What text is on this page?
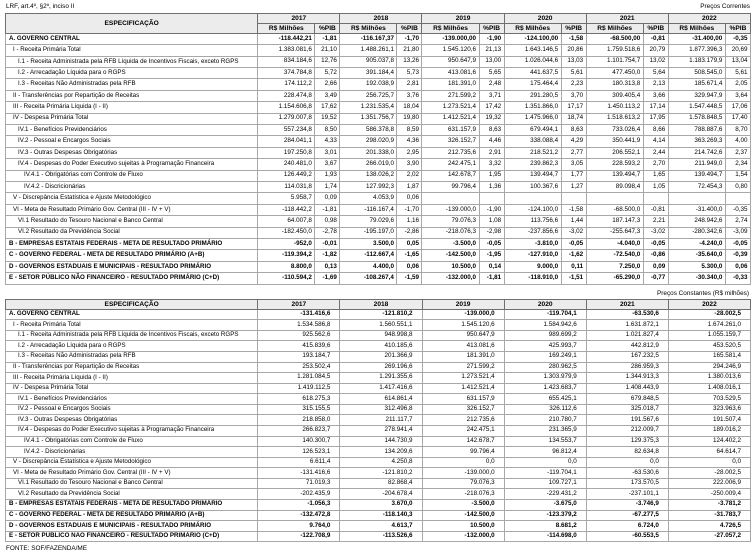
LRF, art.4º, §2º, inciso II	Preços Correntes
ESPECIFICAÇÃO	2017		2018		2019		2020		2021		2022	
	R$ Milhões	%PIB	R$ Milhões	%PIB	R$ Milhões	%PIB	R$ Milhões	%PIB	R$ Milhões	%PIB	R$ Milhões	%PIB
A. GOVERNO CENTRAL	-118.442,21	-1,81	-116.167,37	-1,70	-139.000,00	-1,90	-124.100,00	-1,58	-68.500,00	-0,81	-31.400,00	-0,35
I - Receita Primária Total	1.383.081,6	21,10	1.488.261,1	21,80	1.545.120,6	21,13	1.643.146,5	20,86	1.759.518,6	20,79	1.877.396,3	20,69
I.1 - Receita Administrada pela RFB Líquida de Incentivos Fiscais, exceto RGPS	834.184,6	12,76	905.037,8	13,26	950.647,9	13,00	1.026.044,6	13,03	1.101.754,7	13,02	1.183.179,9	13,04
I.2 - Arrecadação Líquida para o RGPS	374.784,8	5,72	391.184,4	5,73	413.081,6	5,65	441.637,5	5,61	477.450,0	5,64	508.545,0	5,61
I.3 - Receitas Não Administradas pela RFB	174.112,2	2,66	192.038,9	2,81	181.391,0	2,48	175.464,4	2,23	180.313,8	2,13	185.671,4	2,05
II - Transferências por Repartição de Receitas	228.474,8	3,49	256.725,7	3,76	271.599,2	3,71	291.280,5	3,70	309.405,4	3,66	329.947,9	3,64
III - Receita Primária Líquida (I - II)	1.154.606,8	17,62	1.231.535,4	18,04	1.273.521,4	17,42	1.351.866,0	17,17	1.450.113,2	17,14	1.547.448,5	17,06
IV - Despesa Primária Total	1.279.007,8	19,52	1.351.756,7	19,80	1.412.521,4	19,32	1.475.966,0	18,74	1.518.613,2	17,95	1.578.848,5	17,40
IV.1 - Benefícios Previdenciários	557.234,8	8,50	586.378,8	8,59	631.157,9	8,63	679.494,1	8,63	733.026,4	8,66	788.887,6	8,70
IV.2 - Pessoal e Encargos Sociais	284.041,1	4,33	298.020,9	4,36	326.152,7	4,46	338.088,4	4,29	350.441,9	4,14	363.269,3	4,00
IV.3 - Outras Despesas Obrigatórias	197.250,8	3,01	201.338,0	2,95	212.735,6	2,91	218.521,2	2,77	206.552,1	2,44	214.742,6	2,37
IV.4 - Despesas do Poder Executivo sujeitas à Programação Financeira	240.481,0	3,67	266.019,0	3,90	242.475,1	3,32	239.862,3	3,05	228.593,2	2,70	211.949,0	2,34
IV.4.1 - Obrigatórias com Controle de Fluxo	126.449,2	1,93	138.026,2	2,02	142.678,7	1,95	139.494,7	1,77	139.494,7	1,65	139.494,7	1,54
IV.4.2 - Discricionárias	114.031,8	1,74	127.992,3	1,87	99.796,4	1,36	100.367,6	1,27	89.098,4	1,05	72.454,3	0,80
V - Discrepância Estatística e Ajuste Metodológico	5.958,7	0,09	4.053,9	0,06								
VI - Meta de Resultado Primário Gov. Central (III - IV + V)	-118.442,2	-1,81	-116.167,4	-1,70	-139.000,0	-1,90	-124.100,0	-1,58	-68.500,0	-0,81	-31.400,0	-0,35
VI.1 Resultado do Tesouro Nacional e Banco Central	64.007,8	0,98	79.029,6	1,16	79.076,3	1,08	113.756,6	1,44	187.147,3	2,21	248.942,6	2,74
VI.2 Resultado da Previdência Social	-182.450,0	-2,78	-195.197,0	-2,86	-218.076,3	-2,98	-237.856,6	-3,02	-255.647,3	-3,02	-280.342,6	-3,09
B - EMPRESAS ESTATAIS FEDERAIS - META DE RESULTADO PRIMÁRIO	-952,0	-0,01	3.500,0	0,05	-3.500,0	-0,05	-3.810,0	-0,05	-4.040,0	-0,05	-4.240,0	-0,05
C - GOVERNO FEDERAL - META DE RESULTADO PRIMÁRIO (A+B)	-119.394,2	-1,82	-112.667,4	-1,65	-142.500,0	-1,95	-127.910,0	-1,62	-72.540,0	-0,86	-35.640,0	-0,39
D - GOVERNOS ESTADUAIS E MUNICIPAIS - RESULTADO PRIMÁRIO	8.800,0	0,13	4.400,0	0,06	10.500,0	0,14	9.000,0	0,11	7.250,0	0,09	5.300,0	0,06
E - SETOR PÚBLICO NÃO FINANCEIRO - RESULTADO PRIMÁRIO (C+D)	-110.594,2	-1,69	-108.267,4	-1,59	-132.000,0	-1,81	-118.910,0	-1,51	-65.290,0	-0,77	-30.340,0	-0,33
Preços Constantes (R$ milhões)
ESPECIFICAÇÃO	2017	2018	2019	2020	2021	2022
A. GOVERNO CENTRAL	-131.416,6	-121.810,2	-139.000,0	-119.704,1	-63.530,6	-28.002,5
I - Receita Primária Total	1.534.586,8	1.560.551,1	1.545.120,6	1.584.942,6	1.631.872,1	1.674.261,0
I.1 - Receita Administrada pela RFB Líquida de Incentivos Fiscais, exceto RGPS	925.562,6	948.998,8	950.647,9	989.699,2	1.021.827,4	1.055.159,7
I.2 - Arrecadação Líquida para o RGPS	415.839,6	410.185,6	413.081,6	425.993,7	442.812,9	453.520,5
I.3 - Receitas Não Administradas pela RFB	193.184,7	201.366,9	181.391,0	169.249,1	167.232,5	165.581,4
II - Transferências por Repartição de Receitas	253.502,4	269.196,6	271.599,2	280.962,5	286.959,3	294.246,9
III - Receita Primária Líquida (I - II)	1.281.084,5	1.291.355,6	1.273.521,4	1.303.979,9	1.344.913,3	1.380.013,6
IV - Despesa Primária Total	1.419.112,5	1.417.416,6	1.412.521,4	1.423.683,7	1.408.443,9	1.408.016,1
IV.1 - Benefícios Previdenciários	618.275,3	614.861,4	631.157,9	655.425,1	679.848,5	703.529,5
IV.2 - Pessoal e Encargos Sociais	315.155,5	312.496,8	326.152,7	326.112,6	325.018,7	323.963,6
IV.3 - Outras Despesas Obrigatórias	218.858,0	211.117,7	212.735,6	210.780,7	191.567,6	191.507,4
IV.4 - Despesas do Poder Executivo sujeitas à Programação Financeira	266.823,7	278.941,4	242.475,1	231.365,9	212.009,7	189.016,2
IV.4.1 - Obrigatórias com Controle de Fluxo	140.300,7	144.730,9	142.678,7	134.553,7	129.375,3	124.402,2
IV.4.2 - Discricionárias	126.523,1	134.209,6	99.796,4	96.812,4	82.634,8	64.614,7
V - Discrepância Estatística e Ajuste Metodológico	6.611,4	4.250,8	0,0	0,0	0,0	0,0
VI - Meta de Resultado Primário Gov. Central (III - IV + V)	-131.416,6	-121.810,2	-139.000,0	-119.704,1	-63.530,6	-28.002,5
VI.1 Resultado do Tesouro Nacional e Banco Central	71.019,3	82.868,4	79.076,3	109.727,1	173.570,5	222.006,9
VI.2 Resultado da Previdência Social	-202.435,9	-204.678,4	-218.076,3	-229.431,2	-237.101,1	-250.009,4
B - EMPRESAS ESTATAIS FEDERAIS - META DE RESULTADO PRIMÁRIO	-1.056,3	3.670,0	-3.500,0	-3.675,0	-3.746,9	-3.781,2
C - GOVERNO FEDERAL - META DE RESULTADO PRIMÁRIO (A+B)	-132.472,8	-118.140,3	-142.500,0	-123.379,2	-67.277,5	-31.783,7
D - GOVERNOS ESTADUAIS E MUNICIPAIS - RESULTADO PRIMÁRIO	9.764,0	4.613,7	10.500,0	8.681,2	6.724,0	4.726,5
E - SETOR PÚBLICO NÃO FINANCEIRO - RESULTADO PRIMÁRIO (C+D)	-122.708,9	-113.526,6	-132.000,0	-114.698,0	-60.553,5	-27.057,2
FONTE: SOF/FAZENDA/ME
